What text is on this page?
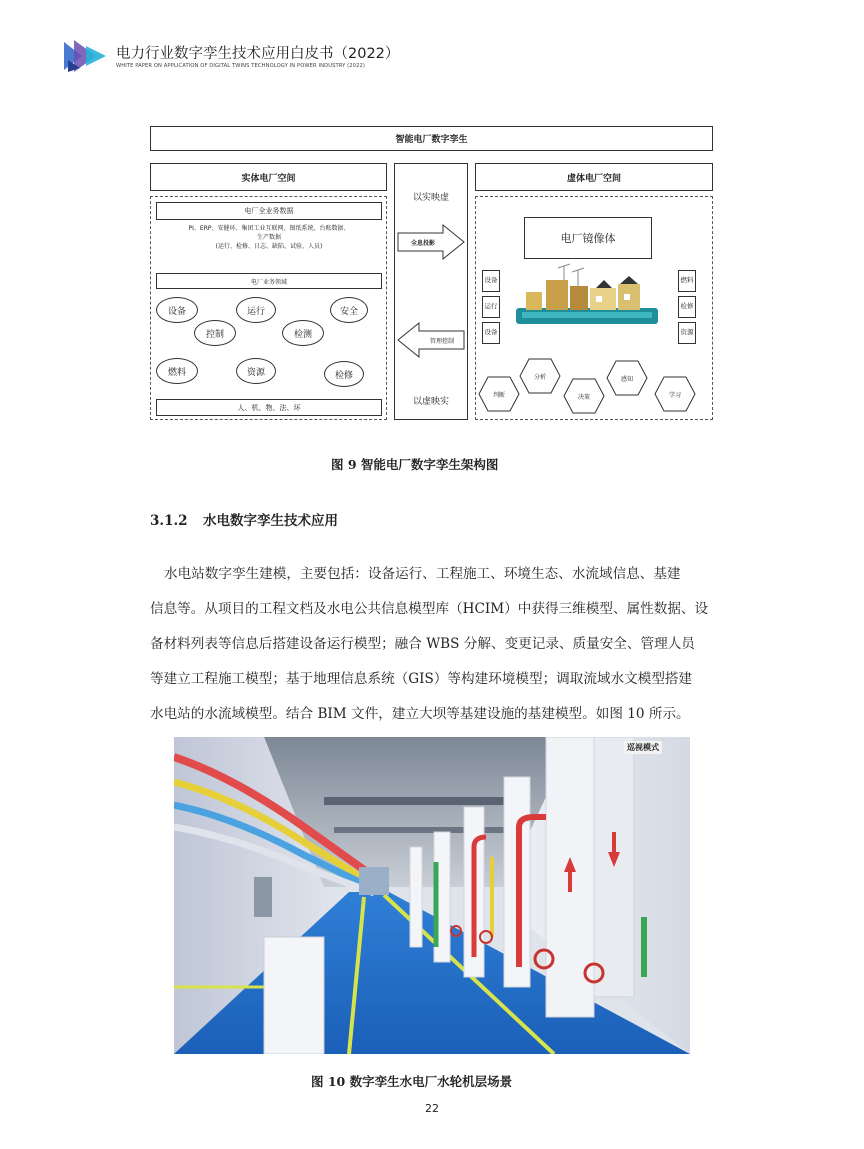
电力行业数字孪生技术应用白皮书（2022）
WHITE PAPER ON APPLICATION OF DIGITAL TWINS TECHNOLOGY IN POWER INDUSTRY (2022)
智能电厂数字孪生
实体电厂空间	虚体电厂空间
电厂全业务数据
PI、ERP、安健环、集团工业互联网、图纸系统、台账数据、
生产数据
(运行、检修、日志、缺陷、试验、人员)
电厂业务领域
设备	运行	安全
控制	检测
燃料	资源	检修
人、机、物、法、环
以实映虚
全息投影
管理控制
以虚映实
电厂镜像体
设备
运行
设备
燃料
检修
资源
判断
分析
决策
感知
学习
图 9 智能电厂数字孪生架构图
3.1.2 水电数字孪生技术应用
水电站数字孪生建模，主要包括：设备运行、工程施工、环境生态、水流域信息、基建
信息等。从项目的工程文档及水电公共信息模型库（HCIM）中获得三维模型、属性数据、设
备材料列表等信息后搭建设备运行模型；融合 WBS 分解、变更记录、质量安全、管理人员
等建立工程施工模型；基于地理信息系统（GIS）等构建环境模型；调取流域水文模型搭建
水电站的水流域模型。结合 BIM 文件，建立大坝等基建设施的基建模型。如图 10 所示。
巡视模式
图 10 数字孪生水电厂水轮机层场景
22
